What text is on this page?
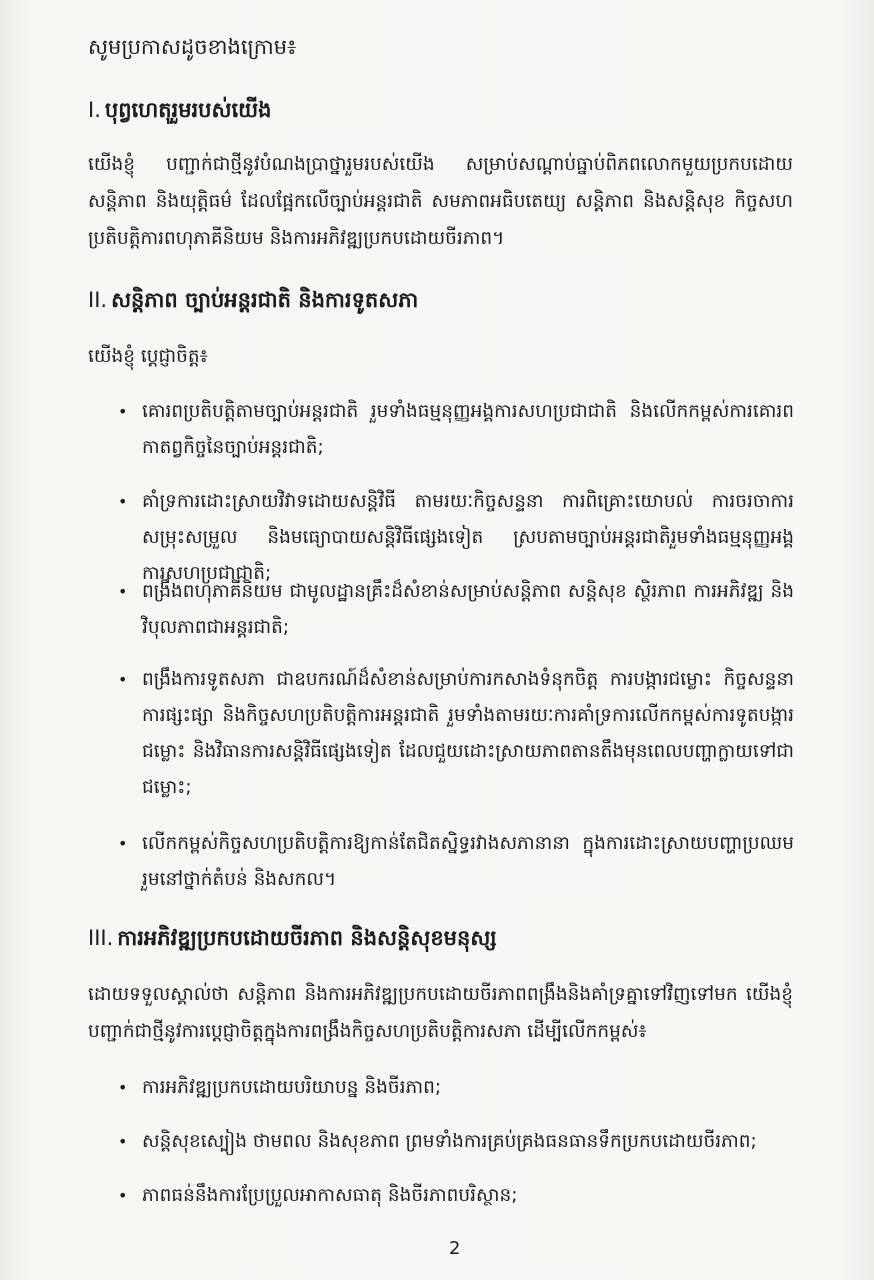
សូមប្រកាសដូចខាងក្រោម៖
I. បុព្វហេតុរួមរបស់យើង
យើងខ្ញុំ បញ្ជាក់ជាថ្មីនូវបំណងប្រាថ្នារួមរបស់យើង សម្រាប់សណ្តាប់ធ្នាប់ពិភពលោកមួយប្រកបដោយសន្តិភាព និងយុត្តិធម៌ ដែលផ្អែកលើច្បាប់អន្តរជាតិ សមភាពអធិបតេយ្យ សន្តិភាព និងសន្តិសុខ កិច្ចសហប្រតិបត្តិការពហុភាគីនិយម និងការអភិវឌ្ឍប្រកបដោយចីរភាព។
II. សន្តិភាព ច្បាប់អន្តរជាតិ និងការទូតសភា
យើងខ្ញុំ ប្តេជ្ញាចិត្ត៖
• គោរពប្រតិបត្តិតាមច្បាប់អន្តរជាតិ រួមទាំងធម្មនុញ្ញអង្គការសហប្រជាជាតិ និងលើកកម្ពស់ការគោរពកាតព្វកិច្ចនៃច្បាប់អន្តរជាតិ;
• គាំទ្រការដោះស្រាយវិវាទដោយសន្តិវិធី តាមរយៈកិច្ចសន្ទនា ការពិគ្រោះយោបល់ ការចរចាការសម្រុះសម្រួល និងមធ្យោបាយសន្តិវិធីផ្សេងទៀត ស្របតាមច្បាប់អន្តរជាតិរួមទាំងធម្មនុញ្ញអង្គការសហប្រជាជាតិ;
• ពង្រឹងពហុភាគីនិយម ជាមូលដ្ឋានគ្រឹះដ៏សំខាន់សម្រាប់សន្តិភាព សន្តិសុខ ស្ថិរភាព ការអភិវឌ្ឍ និងវិបុលភាពជាអន្តរជាតិ;
• ពង្រឹងការទូតសភា ជាឧបករណ៍ដ៏សំខាន់សម្រាប់ការកសាងទំនុកចិត្ត ការបង្ការជម្លោះ កិច្ចសន្ទនា ការផ្សះផ្សា និងកិច្ចសហប្រតិបត្តិការអន្តរជាតិ រួមទាំងតាមរយៈការគាំទ្រការលើកកម្ពស់ការទូតបង្ការជម្លោះ និងវិធានការសន្តិវិធីផ្សេងទៀត ដែលជួយដោះស្រាយភាពតានតឹងមុនពេលបញ្ហាក្លាយទៅជាជម្លោះ;
• លើកកម្ពស់កិច្ចសហប្រតិបត្តិការឱ្យកាន់តែជិតស្និទ្ធរវាងសភានានា ក្នុងការដោះស្រាយបញ្ហាប្រឈមរួមនៅថ្នាក់តំបន់ និងសកល។
III. ការអភិវឌ្ឍប្រកបដោយចីរភាព និងសន្តិសុខមនុស្ស
ដោយទទួលស្គាល់ថា សន្តិភាព និងការអភិវឌ្ឍប្រកបដោយចីរភាពពង្រឹងនិងគាំទ្រគ្នាទៅវិញទៅមក យើងខ្ញុំ បញ្ជាក់ជាថ្មីនូវការប្តេជ្ញាចិត្តក្នុងការពង្រឹងកិច្ចសហប្រតិបត្តិការសភា ដើម្បីលើកកម្ពស់៖
• ការអភិវឌ្ឍប្រកបដោយបរិយាបន្ន និងចីរភាព;
• សន្តិសុខស្បៀង ថាមពល និងសុខភាព ព្រមទាំងការគ្រប់គ្រងធនធានទឹកប្រកបដោយចីរភាព;
• ភាពធន់នឹងការប្រែប្រួលអាកាសធាតុ និងចីរភាពបរិស្ថាន;
2
